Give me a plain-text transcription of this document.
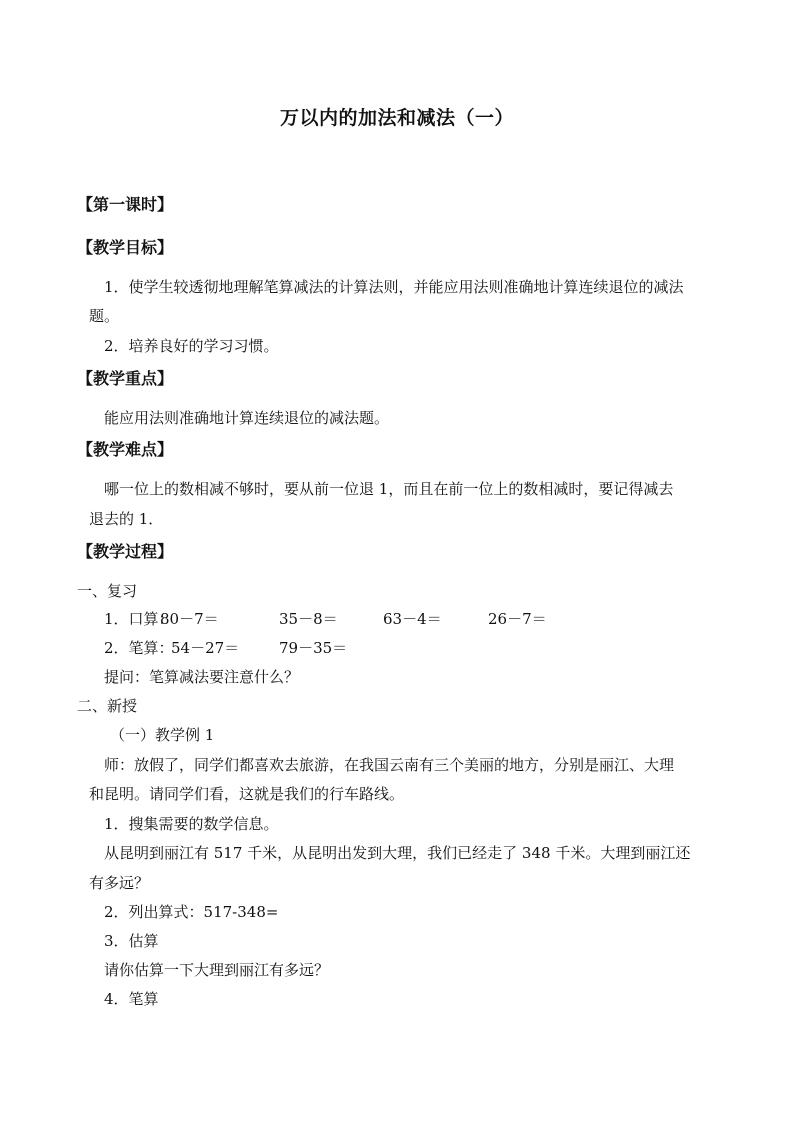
万以内的加法和减法（一）
【第一课时】
【教学目标】
1．使学生较透彻地理解笔算减法的计算法则，并能应用法则准确地计算连续退位的减法
题。
2．培养良好的学习习惯。
【教学重点】
能应用法则准确地计算连续退位的减法题。
【教学难点】
哪一位上的数相减不够时，要从前一位退 1，而且在前一位上的数相减时，要记得减去
退去的 1．
【教学过程】
一、复习
1．口算：80－7＝	35－8＝	63－4＝	26－7＝
2．笔算：54－27＝	79－35＝
提问：笔算减法要注意什么？
二、新授
（一）教学例 1
师：放假了，同学们都喜欢去旅游，在我国云南有三个美丽的地方，分别是丽江、大理
和昆明。请同学们看，这就是我们的行车路线。
1．搜集需要的数学信息。
从昆明到丽江有 517 千米，从昆明出发到大理，我们已经走了 348 千米。大理到丽江还
有多远？
2．列出算式：517-348=
3．估算
请你估算一下大理到丽江有多远？
4．笔算
